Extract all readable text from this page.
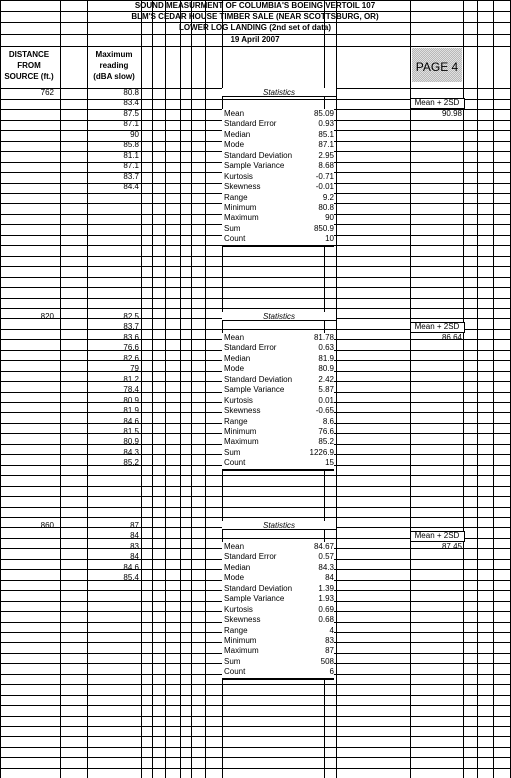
SOUND MEASURMENT OF COLUMBIA'S BOEING VERTOIL 107
BLM'S CEDAR HOUSE TIMBER SALE (NEAR SCOTTSBURG, OR)
LOWER LOG LANDING (2nd set of data)
19 April 2007
DISTANCE
FROM
SOURCE (ft.)
Maximum
reading
(dBA slow)
PAGE 4
762	80.8
83.4
87.5
87.1
90
85.8
81.1
87.1
83.7
84.4
Statistics
Mean	85.09
Standard Error	0.93
Median	85.1
Mode	87.1
Standard Deviation	2.95
Sample Variance	8.68
Kurtosis	-0.71
Skewness	-0.01
Range	9.2
Minimum	80.8
Maximum	90
Sum	850.9
Count	10
Mean + 2SD
90.98
820	82.5
83.7
83.6
76.6
82.6
79
81.2
78.4
80.9
81.9
84.6
81.5
80.9
84.3
85.2
Statistics
Mean	81.78
Standard Error	0.63
Median	81.9
Mode	80.9
Standard Deviation	2.42
Sample Variance	5.87
Kurtosis	0.01
Skewness	-0.65
Range	8.6
Minimum	76.6
Maximum	85.2
Sum	1226.9
Count	15
Mean + 2SD
86.64
860	87
84
83
84
84.6
85.4
Statistics
Mean	84.67
Standard Error	0.57
Median	84.3
Mode	84
Standard Deviation	1.39
Sample Variance	1.93
Kurtosis	0.69
Skewness	0.68
Range	4
Minimum	83
Maximum	87
Sum	508
Count	6
Mean + 2SD
87.45
